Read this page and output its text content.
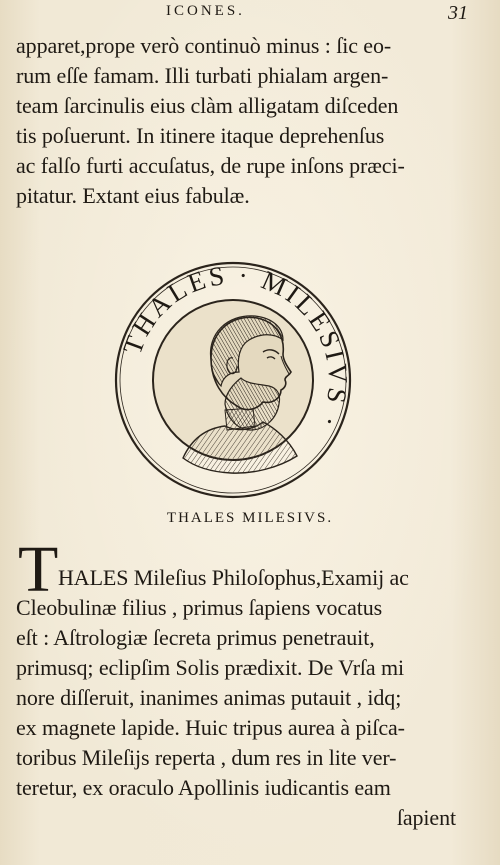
ICONES.	31
apparet,prope verò continuò minus : ſic eo-
rum eſſe famam. Illi turbati phialam argen-
team ſarcinulis eius clàm alligatam diſceden
tis poſuerunt. In itinere itaque deprehenſus
ac falſo furti accuſatus, de rupe inſons præci-
pitatur. Extant eius fabulæ.
THALES · MILESIVS ·
THALES MILESIVS.
T HALES Mileſius Philoſophus,Examij ac
Cleobulinæ filius , primus ſapiens vocatus
eſt : Aſtrologiæ ſecreta primus penetrauit,
primusq; eclipſim Solis prædixit. De Vrſa mi
nore diſſeruit, inanimes animas putauit , idq;
ex magnete lapide. Huic tripus aurea à piſca-
toribus Mileſijs reperta , dum res in lite ver-
teretur, ex oraculo Apollinis iudicantis eam
ſapient
